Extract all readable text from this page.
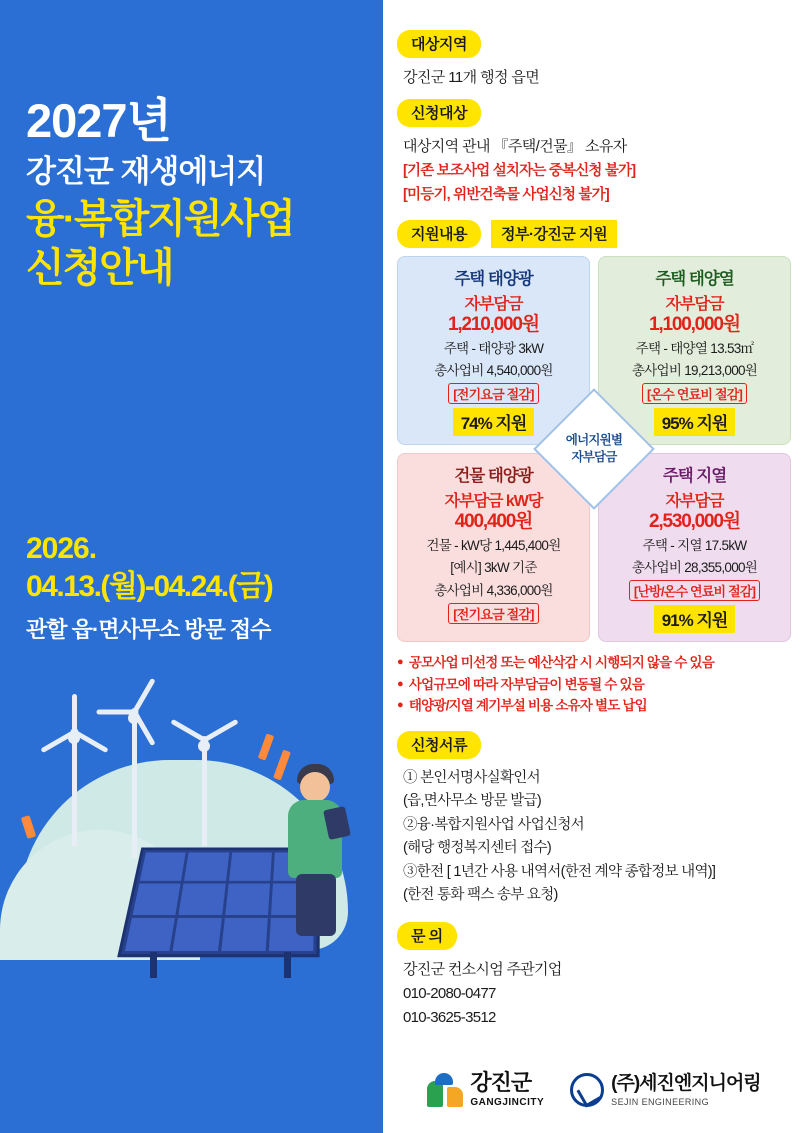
2027년
강진군 재생에너지
융·복합지원사업
신청안내
2026.
04.13.(월)-04.24.(금)
관할 읍·면사무소 방문 접수
대상지역
강진군 11개 행정 읍면
신청대상
대상지역 관내 『주택/건물』 소유자
[기존 보조사업 설치자는 중복신청 불가]
[미등기, 위반건축물 사업신청 불가]
지원내용	정부·강진군 지원
주택 태양광
자부담금
1,210,000원
주택 - 태양광 3kW
총사업비 4,540,000원
[전기요금 절감]
74% 지원
주택 태양열
자부담금
1,100,000원
주택 - 태양열 13.53㎡
총사업비 19,213,000원
[온수 연료비 절감]
95% 지원
건물 태양광
자부담금 kW당
400,400원
건물 - kW당 1,445,400원
[예시] 3kW 기준
총사업비 4,336,000원
[전기요금 절감]
주택 지열
자부담금
2,530,000원
주택 - 지열 17.5kW
총사업비 28,355,000원
[난방/온수 연료비 절감]
91% 지원
에너지원별
자부담금
● 공모사업 미선정 또는 예산삭감 시 시행되지 않을 수 있음
● 사업규모에 따라 자부담금이 변동될 수 있음
● 태양광/지열 계기부설 비용 소유자 별도 납입
신청서류
① 본인서명사실확인서
(읍,면사무소 방문 발급)
②융·복합지원사업 사업신청서
(해당 행정복지센터 접수)
③한전 [ 1년간 사용 내역서(한전 계약 종합정보 내역)]
(한전 통화 팩스 송부 요청)
문 의
강진군 컨소시엄 주관기업
010-2080-0477
010-3625-3512
강진군
GANGJINCITY
(주)세진엔지니어링
SEJIN ENGINEERING
